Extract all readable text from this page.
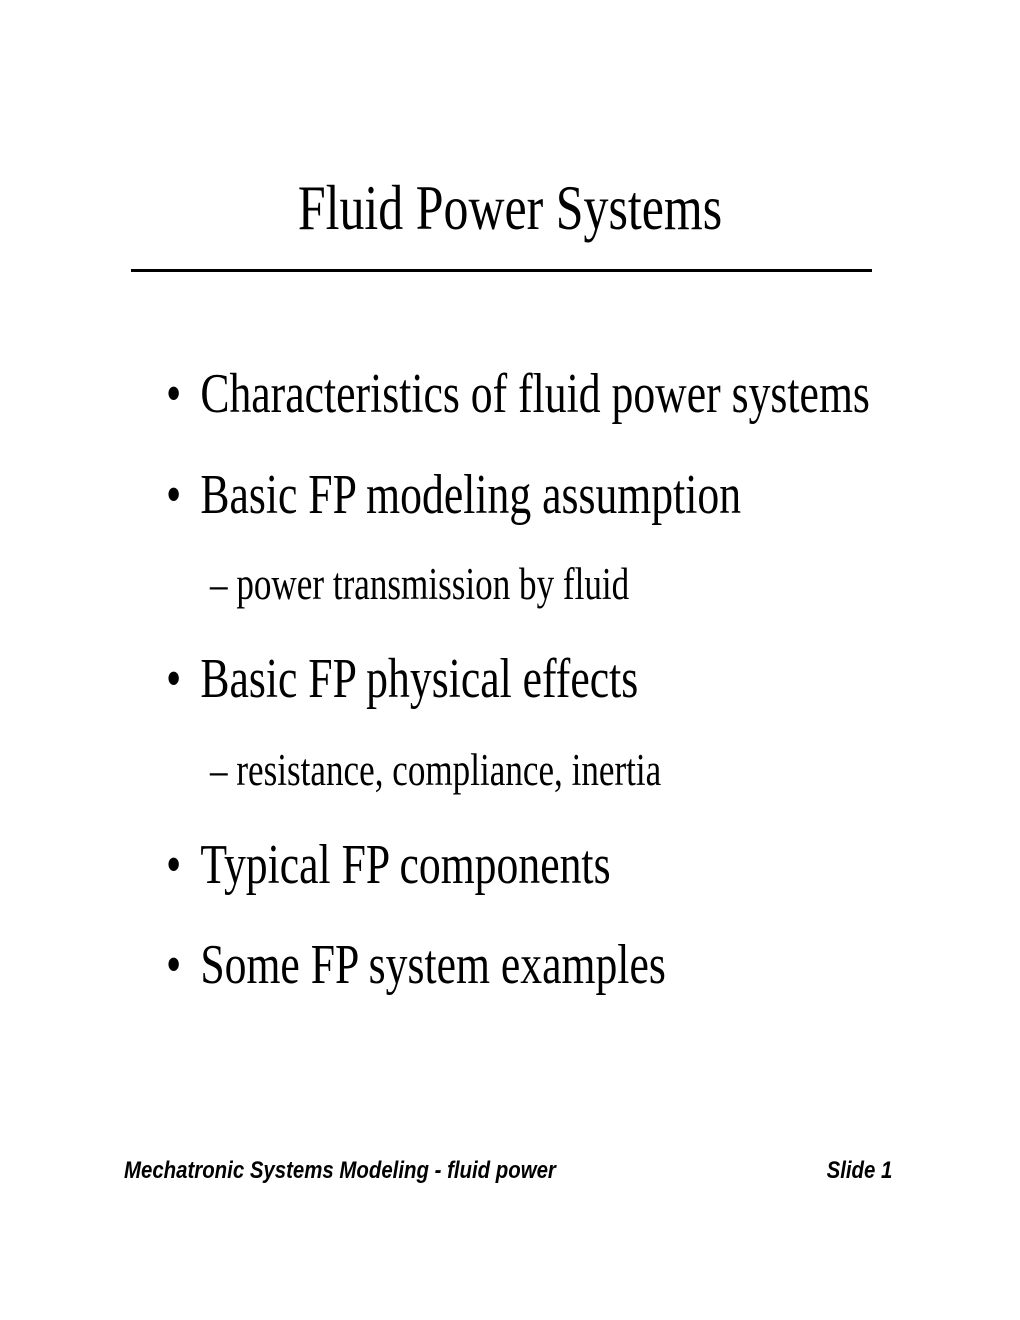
Fluid Power Systems
• Characteristics of fluid power systems
• Basic FP modeling assumption
– power transmission by fluid
• Basic FP physical effects
– resistance, compliance, inertia
• Typical FP components
• Some FP system examples
Mechatronic Systems Modeling - fluid power	Slide 1
